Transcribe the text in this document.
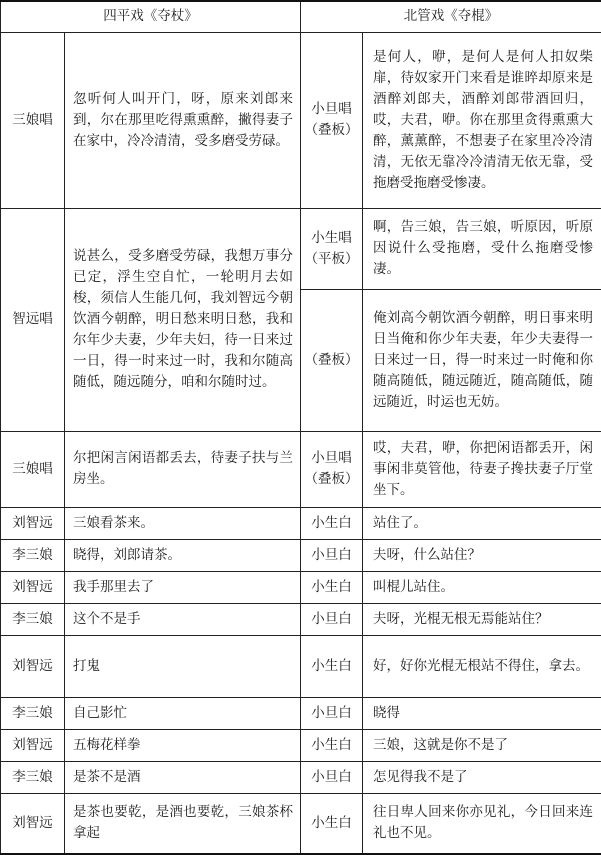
四平戏《夺杖》		北管戏《夺棍》	
三娘唱	忽听何人叫开门，呀，原来刘郎来到，尔在那里吃得熏熏醉，撇得妻子在家中，冷冷清清，受多磨受劳碌。	小旦唱（叠板）	是何人，咿，是何人是何人扣奴柴扉，待奴家开门来看是谁晬却原来是酒醉刘郎夫，酒醉刘郎带酒回归，哎，夫君，咿。你在那里贪得熏熏大醉，薰薰醉，不想妻子在家里冷冷清清，无依无靠冷冷清清无依无靠，受拖磨受拖磨受惨凄。
智远唱	说甚么，受多磨受劳碌，我想万事分已定，浮生空自忙，一轮明月去如梭，须信人生能几何，我刘智远今朝饮酒今朝醉，明日愁来明日愁，我和尔年少夫妻，少年夫妇，待一日来过一日，得一时来过一时，我和尔随高随低，随远随分，咱和尔随时过。	小生唱（平板）	啊，告三娘，告三娘，听原因，听原因说什么受拖磨，受什么拖磨受惨凄。
		（叠板）	俺刘高今朝饮酒今朝醉，明日事来明日当俺和你少年夫妻，年少夫妻得一日来过一日，得一时来过一时俺和你随高随低，随远随近，随高随低，随远随近，时运也无妨。
三娘唱	尔把闲言闲语都丢去，待妻子扶与兰房坐。	小旦唱（叠板）	哎，夫君，咿，你把闲语都丢开，闲事闲非莫管他，待妻子搀扶妻子厅堂坐下。
刘智远	三娘看茶来。	小生白	站住了。
李三娘	晓得，刘郎请茶。	小旦白	夫呀，什么站住？
刘智远	我手那里去了	小生白	叫棍儿站住。
李三娘	这个不是手	小旦白	夫呀，光棍无根无焉能站住？
刘智远	打鬼	小生白	好，好你光棍无根站不得住，拿去。
李三娘	自己影忙	小旦白	晓得
刘智远	五梅花样拳	小生白	三娘，这就是你不是了
李三娘	是茶不是酒	小旦白	怎见得我不是了
刘智远	是茶也要乾，是酒也要乾，三娘茶杯拿起	小生白	往日卑人回来你亦见礼，今日回来连礼也不见。
